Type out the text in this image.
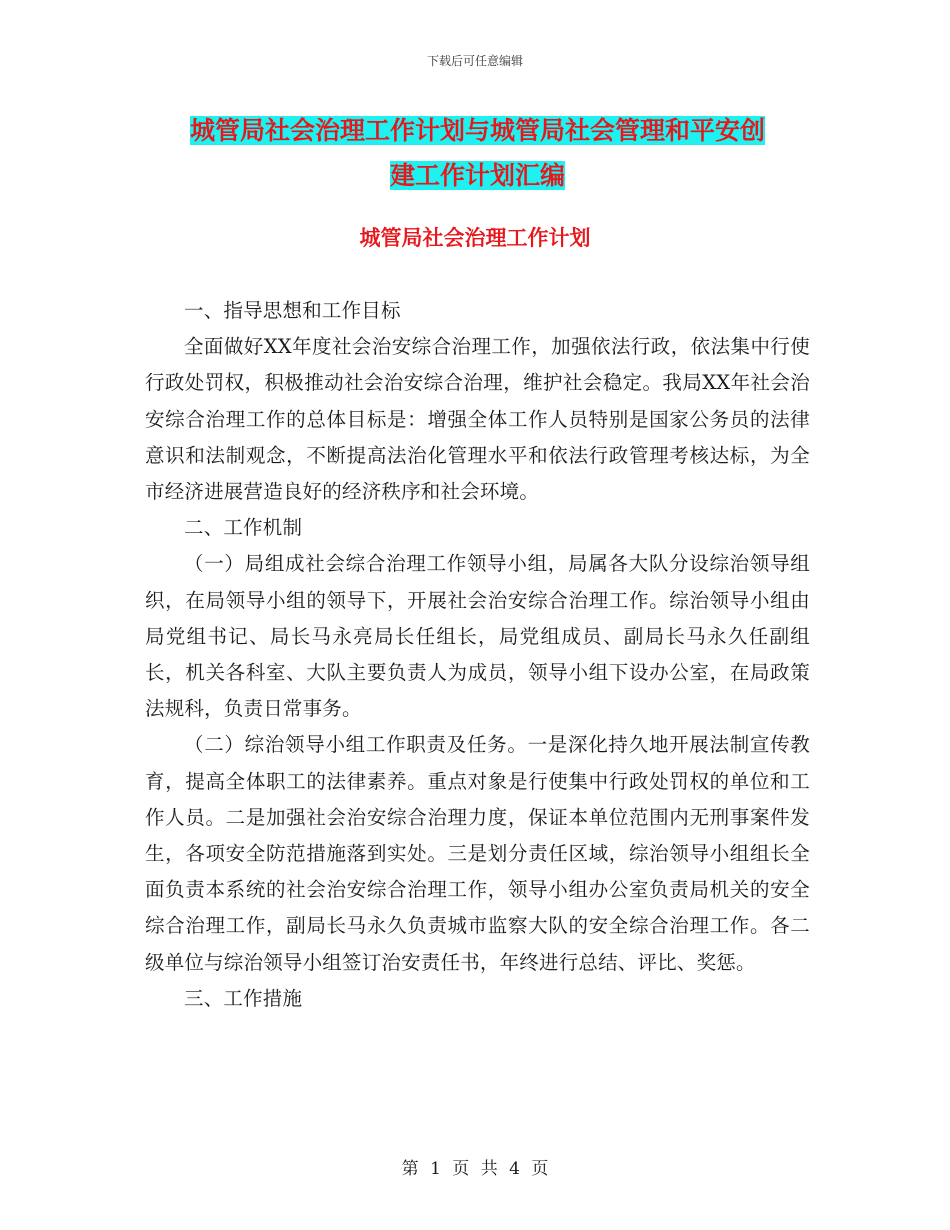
下载后可任意编辑
城管局社会治理工作计划与城管局社会管理和平安创
建工作计划汇编
城管局社会治理工作计划

一、指导思想和工作目标

全面做好XX年度社会治安综合治理工作，加强依法行政，依法集中行使行政处罚权，积极推动社会治安综合治理，维护社会稳定。我局XX年社会治安综合治理工作的总体目标是：增强全体工作人员特别是国家公务员的法律意识和法制观念，不断提高法治化管理水平和依法行政管理考核达标，为全市经济进展营造良好的经济秩序和社会环境。

二、工作机制

（一）局组成社会综合治理工作领导小组，局属各大队分设综治领导组织，在局领导小组的领导下，开展社会治安综合治理工作。综治领导小组由局党组书记、局长马永亮局长任组长，局党组成员、副局长马永久任副组长，机关各科室、大队主要负责人为成员，领导小组下设办公室，在局政策法规科，负责日常事务。

（二）综治领导小组工作职责及任务。一是深化持久地开展法制宣传教育，提高全体职工的法律素养。重点对象是行使集中行政处罚权的单位和工作人员。二是加强社会治安综合治理力度，保证本单位范围内无刑事案件发生，各项安全防范措施落到实处。三是划分责任区域，综治领导小组组长全面负责本系统的社会治安综合治理工作，领导小组办公室负责局机关的安全综合治理工作，副局长马永久负责城市监察大队的安全综合治理工作。各二级单位与综治领导小组签订治安责任书，年终进行总结、评比、奖惩。

三、工作措施

第 1 页 共 4 页
